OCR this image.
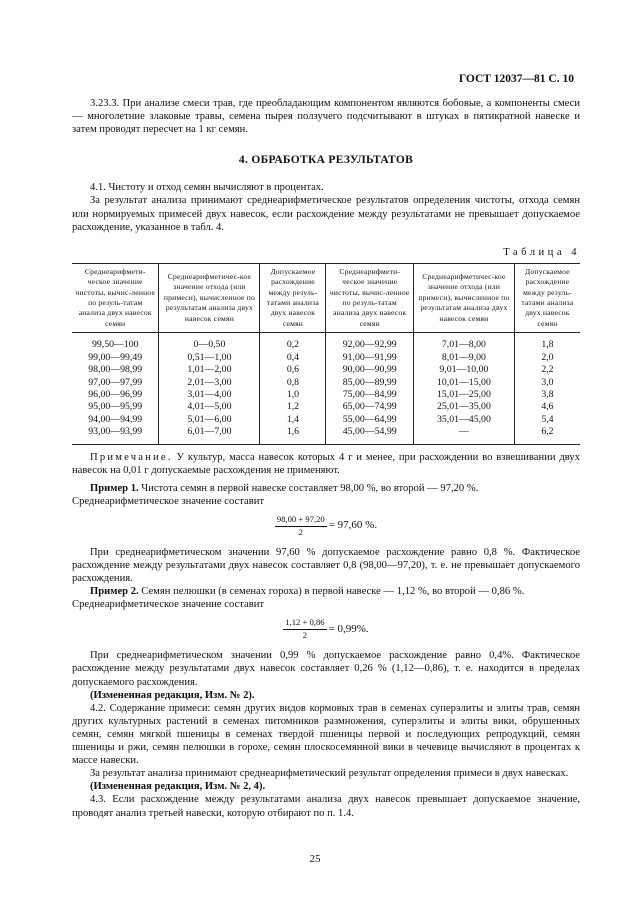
ГОСТ 12037—81 С. 10

3.23.3. При анализе смеси трав, где преобладающим компонентом являются бобовые, а компоненты смеси — многолетние злаковые травы, семена пырея ползучего подсчитывают в штуках в пятикратной навеске и затем проводят пересчет на 1 кг семян.

4. ОБРАБОТКА РЕЗУЛЬТАТОВ

4.1. Чистоту и отход семян вычисляют в процентах.

За результат анализа принимают среднеарифметическое результатов определения чистоты, отхода семян или нормируемых примесей двух навесок, если расхождение между результатами не превышает допускаемое расхождение, указанное в табл. 4.

Таблица 4
Среднеарифмети-ческое значение чистоты, вычис-ленное по резуль-татам анализа двух навесок семян	Среднеарифметичес-кое значение отхода (или примеси), вычисленное по результатам анализа двух навесок семян	Допускаемое расхождение между резуль-татами анализа двух навесок семян	Среднеарифмети-ческое значение чистоты, вычис-ленное по резуль-татам анализа двух навесок семян	Среднеарифметичес-кое значение отхода (или примеси), вычисленное по результатам анализа двух навесок семян	Допускаемое расхождение между резуль-татами анализа двух навесок семян
99,50—100	0—0,50	0,2	92,00—92,99	7,01—8,00	1,8
99,00—99,49	0,51—1,00	0,4	91,00—91,99	8,01—9,00	2,0
98,00—98,99	1,01—2,00	0,6	90,00—90,99	9,01—10,00	2,2
97,00—97,99	2,01—3,00	0,8	85,00—89,99	10,01—15,00	3,0
96,00—96,99	3,01—4,00	1,0	75,00—84,99	15,01—25,00	3,8
95,00—95,99	4,01—5,00	1,2	65,00—74,99	25,01—35,00	4,6
94,00—94,99	5,01—6,00	1,4	55,00—64,99	35,01—45,00	5,4
93,00—93,99	6,01—7,00	1,6	45,00—54,99	—	6,2

Примечание. У культур, масса навесок которых 4 г и менее, при расхождении во взвешивании двух навесок на 0,01 г допускаемые расхождения не применяют.

Пример 1. Чистота семян в первой навеске составляет 98,00 %, во второй — 97,20 %.

Среднеарифметическое значение составит

$\frac{98,00 + 97,20}{2} = 97,60$ %.

При среднеарифметическом значении 97,60 % допускаемое расхождение равно 0,8 %. Фактическое расхождение между результатами двух навесок составляет 0,8 (98,00—97,20), т. е. не превышает допускаемого расхождения.

Пример 2. Семян пелюшки (в семенах гороха) в первой навеске — 1,12 %, во второй — 0,86 %.

Среднеарифметическое значение составит

$\frac{1,12 + 0,86}{2} = 0,99\%$.

При среднеарифметическом значении 0,99 % допускаемое расхождение равно 0,4%. Фактическое расхождение между результатами двух навесок составляет 0,26 % (1,12—0,86), т. е. находится в пределах допускаемого расхождения.

(Измененная редакция, Изм. № 2).

4.2. Содержание примеси: семян других видов кормовых трав в семенах суперэлиты и элиты трав, семян других культурных растений в семенах питомников размножения, суперэлиты и элиты вики, обрушенных семян, семян мягкой пшеницы в семенах твердой пшеницы первой и последующих репродукций, семян пшеницы и ржи, семян пелюшки в горохе, семян плоскосемянной вики в чечевице вычисляют в процентах к массе навески.

За результат анализа принимают среднеарифметический результат определения примеси в двух навесках.

(Измененная редакция, Изм. № 2, 4).

4.3. Если расхождение между результатами анализа двух навесок превышает допускаемое значение, проводят анализ третьей навески, которую отбирают по п. 1.4.

25
